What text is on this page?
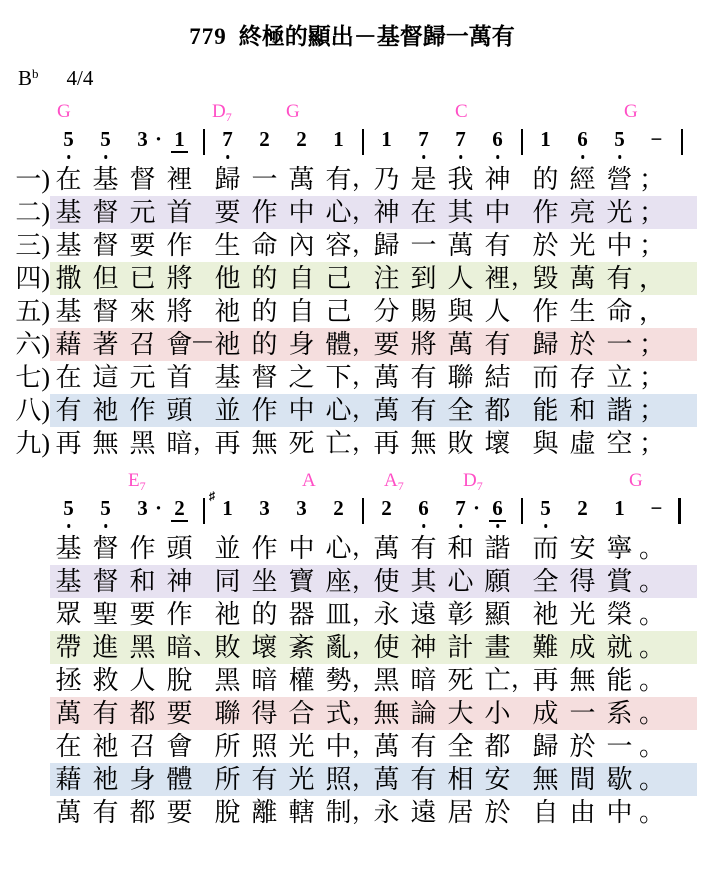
779 終極的顯出－基督歸一萬有
$B^b$ 4/4
G	$D_7$	G	C	G
5	5	3 · 1	7	2	2	1	1	7	7	6	1	6	5	−
一) 在 基 督 裡 歸 一 萬 有 ，
乃 是 我 神 的 經 營 ；
二) 基 督 元 首 要 作 中 心 ，
神 在 其 中 作 亮 光 ；
三) 基 督 要 作 生 命 內 容 ，
歸 一 萬 有 於 光 中 ；
四) 撒 但 已 將 他 的 自 己 注 到 人 裡 ，
毀 萬 有 ，
五) 基 督 來 將 祂 的 自 己 分 賜 與 人 作 生 命 ，
六) 藉 著 召 會
－ 祂 的 身 體 ，
要 將 萬 有 歸 於 一 ；
七) 在 這 元 首 基 督 之 下 ，
萬 有 聯 結 而 存 立 ；
八) 有 祂 作 頭 並 作 中 心 ，
萬 有 全 都 能 和 諧 ；
九) 再 無 黑 暗 ，
再 無 死 亡 ，
再 無 敗 壞 與 虛 空 ；
$E_7$	A	$A_7$	$D_7$	G
5	5	3 · 2	1
♯	3	3	2	2	6	7 · 6	5	2	1	−
基 督 作 頭 並 作 中 心 ，
萬 有 和 諧 而 安 寧 。
基 督 和 神 同 坐 寶 座 ，
使 其 心 願 全 得 賞 。
眾 聖 要 作 祂 的 器 皿 ，
永 遠 彰 顯 祂 光 榮 。
帶 進 黑 暗 、
敗 壞 紊 亂 ，
使 神 計 畫 難 成 就 。
拯 救 人 脫 黑 暗 權 勢 ，
黑 暗 死 亡 ，
再 無 能 。
萬 有 都 要 聯 得 合 式 ，
無 論 大 小 成 一 系 。
在 祂 召 會 所 照 光 中 ，
萬 有 全 都 歸 於 一 。
藉 祂 身 體 所 有 光 照 ，
萬 有 相 安 無 間 歇 。
萬 有 都 要 脫 離 轄 制 ，
永 遠 居 於 自 由 中 。
